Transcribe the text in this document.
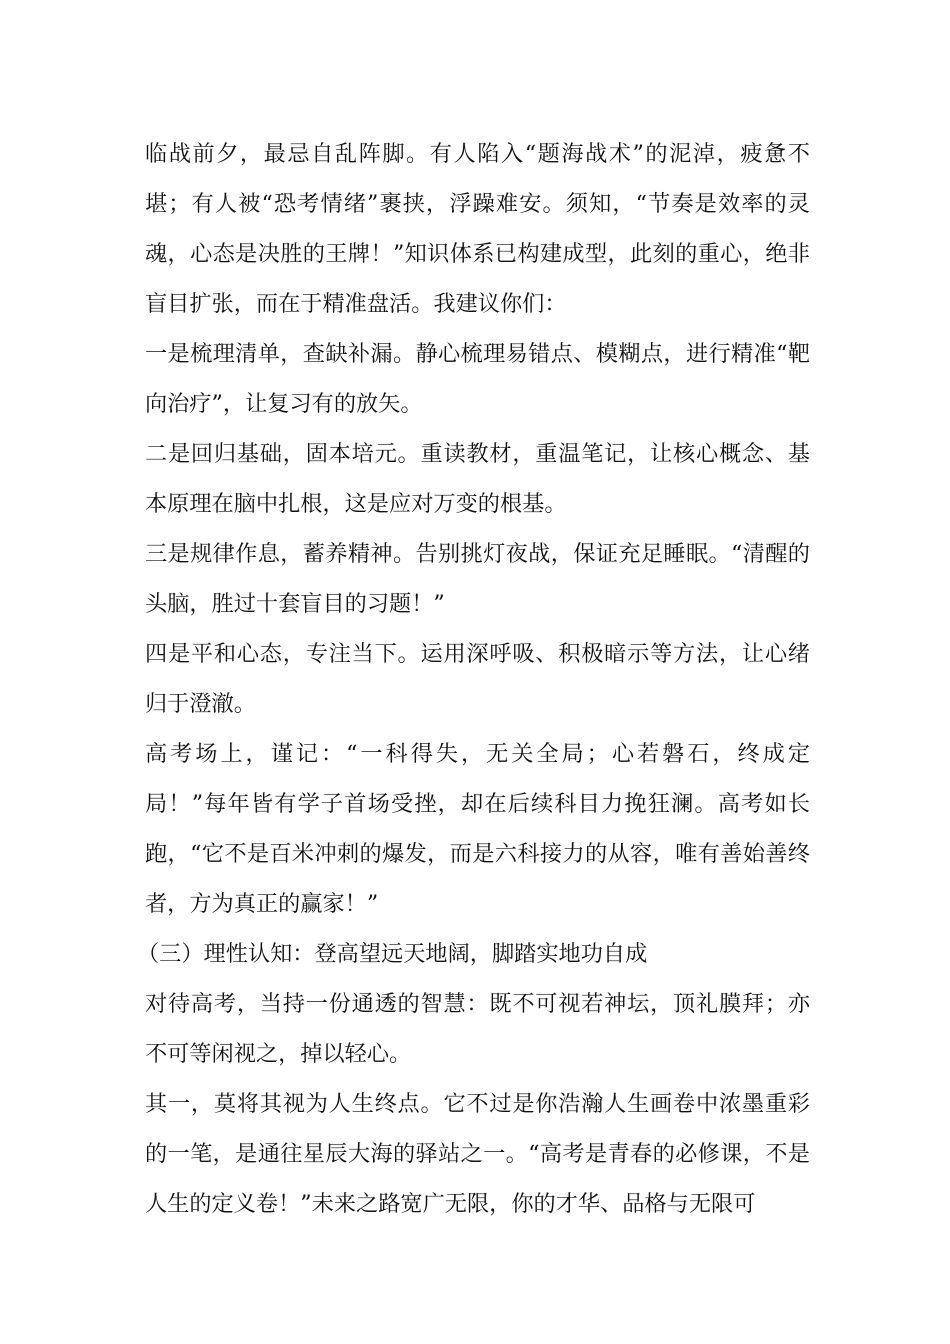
临战前夕，最忌自乱阵脚。有人陷入“题海战术”的泥淖，疲惫不堪；有人被“恐考情绪”裹挟，浮躁难安。须知，“节奏是效率的灵魂，心态是决胜的王牌！”知识体系已构建成型，此刻的重心，绝非盲目扩张，而在于精准盘活。我建议你们：

一是梳理清单，查缺补漏。静心梳理易错点、模糊点，进行精准“靶向治疗”，让复习有的放矢。

二是回归基础，固本培元。重读教材，重温笔记，让核心概念、基本原理在脑中扎根，这是应对万变的根基。

三是规律作息，蓄养精神。告别挑灯夜战，保证充足睡眠。“清醒的头脑，胜过十套盲目的习题！”

四是平和心态，专注当下。运用深呼吸、积极暗示等方法，让心绪归于澄澈。

高考场上，谨记：“一科得失，无关全局；心若磐石，终成定局！”每年皆有学子首场受挫，却在后续科目力挽狂澜。高考如长跑，“它不是百米冲刺的爆发，而是六科接力的从容，唯有善始善终者，方为真正的赢家！”

（三）理性认知：登高望远天地阔，脚踏实地功自成

对待高考，当持一份通透的智慧：既不可视若神坛，顶礼膜拜；亦不可等闲视之，掉以轻心。

其一，莫将其视为人生终点。它不过是你浩瀚人生画卷中浓墨重彩的一笔，是通往星辰大海的驿站之一。“高考是青春的必修课，不是人生的定义卷！”未来之路宽广无限，你的才华、品格与无限可
